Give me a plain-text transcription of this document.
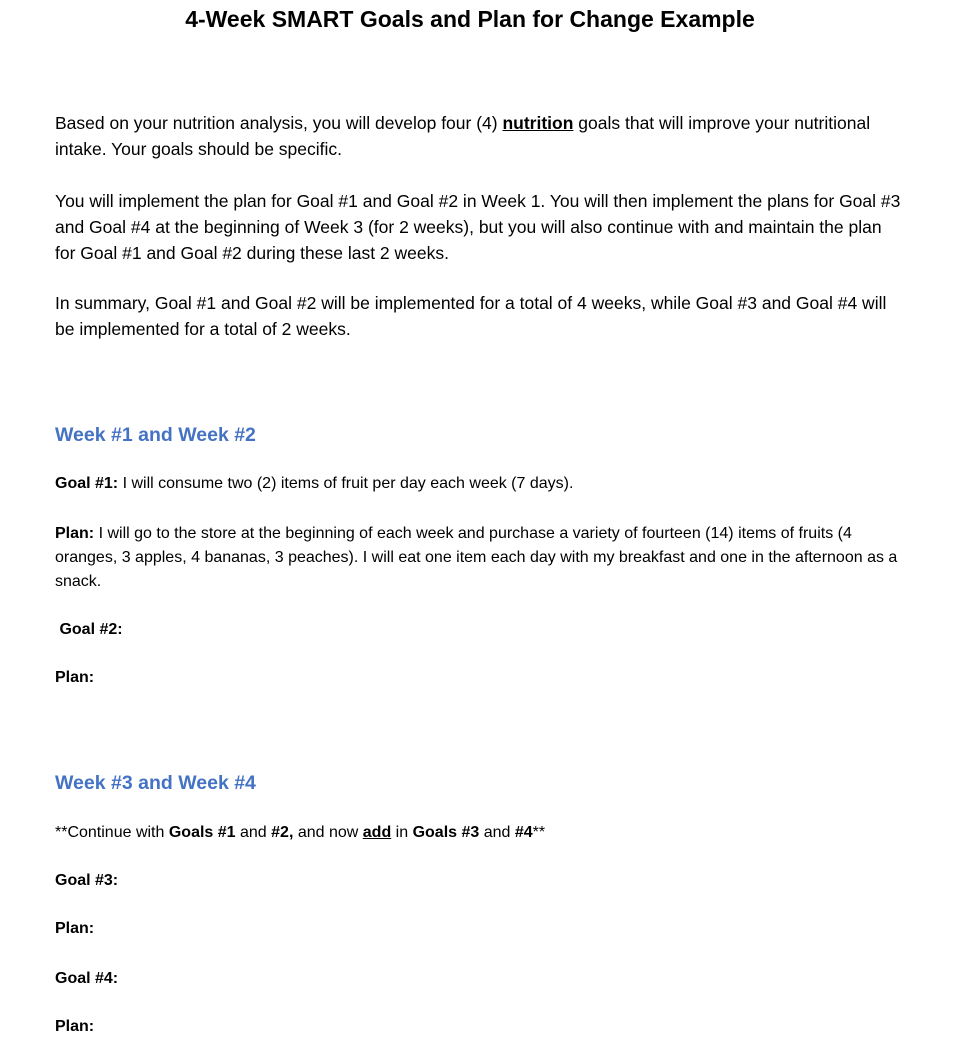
4-Week SMART Goals and Plan for Change Example

Based on your nutrition analysis, you will develop four (4) nutrition goals that will improve your nutritional intake. Your goals should be specific.

You will implement the plan for Goal #1 and Goal #2 in Week 1. You will then implement the plans for Goal #3 and Goal #4 at the beginning of Week 3 (for 2 weeks), but you will also continue with and maintain the plan for Goal #1 and Goal #2 during these last 2 weeks.

In summary, Goal #1 and Goal #2 will be implemented for a total of 4 weeks, while Goal #3 and Goal #4 will be implemented for a total of 2 weeks.

Week #1 and Week #2

Goal #1: I will consume two (2) items of fruit per day each week (7 days).

Plan: I will go to the store at the beginning of each week and purchase a variety of fourteen (14) items of fruits (4 oranges, 3 apples, 4 bananas, 3 peaches). I will eat one item each day with my breakfast and one in the afternoon as a snack.

Goal #2:

Plan:

Week #3 and Week #4

**Continue with Goals #1 and #2, and now add in Goals #3 and #4**

Goal #3:

Plan:

Goal #4:

Plan:
